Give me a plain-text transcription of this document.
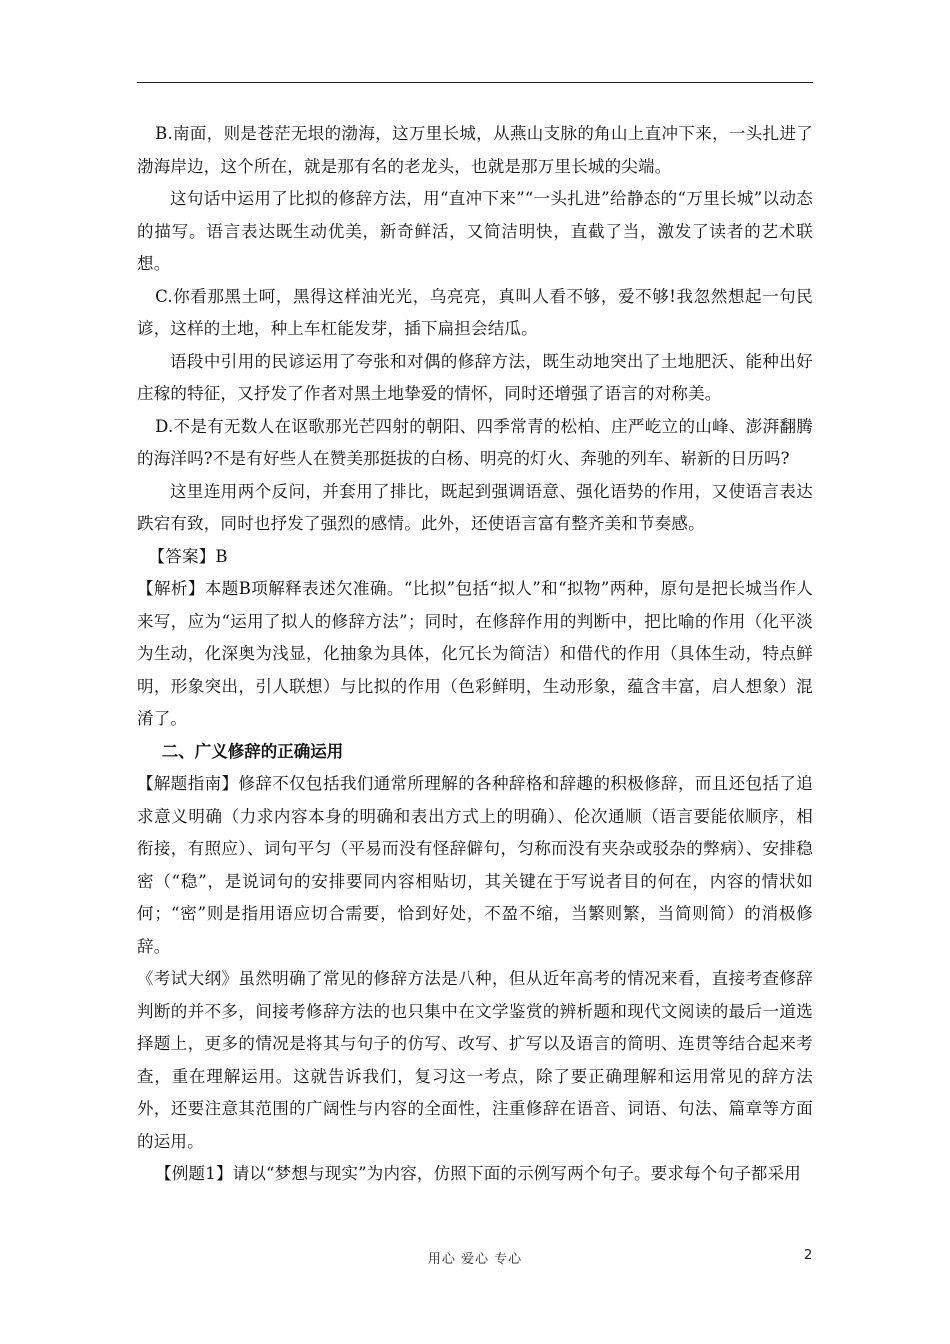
B.南面，则是苍茫无垠的渤海，这万里长城，从燕山支脉的角山上直冲下来，一头扎进了渤海岸边，这个所在，就是那有名的老龙头，也就是那万里长城的尖端。

这句话中运用了比拟的修辞方法，用“直冲下来”“一头扎进”给静态的“万里长城”以动态的描写。语言表达既生动优美，新奇鲜活，又简洁明快，直截了当，激发了读者的艺术联想。

C.你看那黑土呵，黑得这样油光光，乌亮亮，真叫人看不够，爱不够!我忽然想起一句民谚，这样的土地，种上车杠能发芽，插下扁担会结瓜。

语段中引用的民谚运用了夸张和对偶的修辞方法，既生动地突出了土地肥沃、能种出好庄稼的特征，又抒发了作者对黑土地挚爱的情怀，同时还增强了语言的对称美。

D.不是有无数人在讴歌那光芒四射的朝阳、四季常青的松柏、庄严屹立的山峰、澎湃翻腾的海洋吗?不是有好些人在赞美那挺拔的白杨、明亮的灯火、奔驰的列车、崭新的日历吗?

这里连用两个反问，并套用了排比，既起到强调语意、强化语势的作用，又使语言表达跌宕有致，同时也抒发了强烈的感情。此外，还使语言富有整齐美和节奏感。

【答案】B

【解析】本题B项解释表述欠准确。“比拟”包括“拟人”和“拟物”两种，原句是把长城当作人来写，应为“运用了拟人的修辞方法”；同时，在修辞作用的判断中，把比喻的作用（化平淡为生动，化深奥为浅显，化抽象为具体，化冗长为简洁）和借代的作用（具体生动，特点鲜明，形象突出，引人联想）与比拟的作用（色彩鲜明，生动形象，蕴含丰富，启人想象）混淆了。

二、广义修辞的正确运用

【解题指南】修辞不仅包括我们通常所理解的各种辞格和辞趣的积极修辞，而且还包括了追求意义明确（力求内容本身的明确和表出方式上的明确）、伦次通顺（语言要能依顺序，相衔接，有照应）、词句平匀（平易而没有怪辞僻句，匀称而没有夹杂或驳杂的弊病）、安排稳密（“稳”，是说词句的安排要同内容相贴切，其关键在于写说者目的何在，内容的情状如何；“密”则是指用语应切合需要，恰到好处，不盈不缩，当繁则繁，当简则简）的消极修辞。

《考试大纲》虽然明确了常见的修辞方法是八种，但从近年高考的情况来看，直接考查修辞判断的并不多，间接考修辞方法的也只集中在文学鉴赏的辨析题和现代文阅读的最后一道选择题上，更多的情况是将其与句子的仿写、改写、扩写以及语言的简明、连贯等结合起来考查，重在理解运用。这就告诉我们，复习这一考点，除了要正确理解和运用常见的辞方法外，还要注意其范围的广阔性与内容的全面性，注重修辞在语音、词语、句法、篇章等方面的运用。

【例题1】请以“梦想与现实”为内容，仿照下面的示例写两个句子。要求每个句子都采用

用心 爱心 专心	2
